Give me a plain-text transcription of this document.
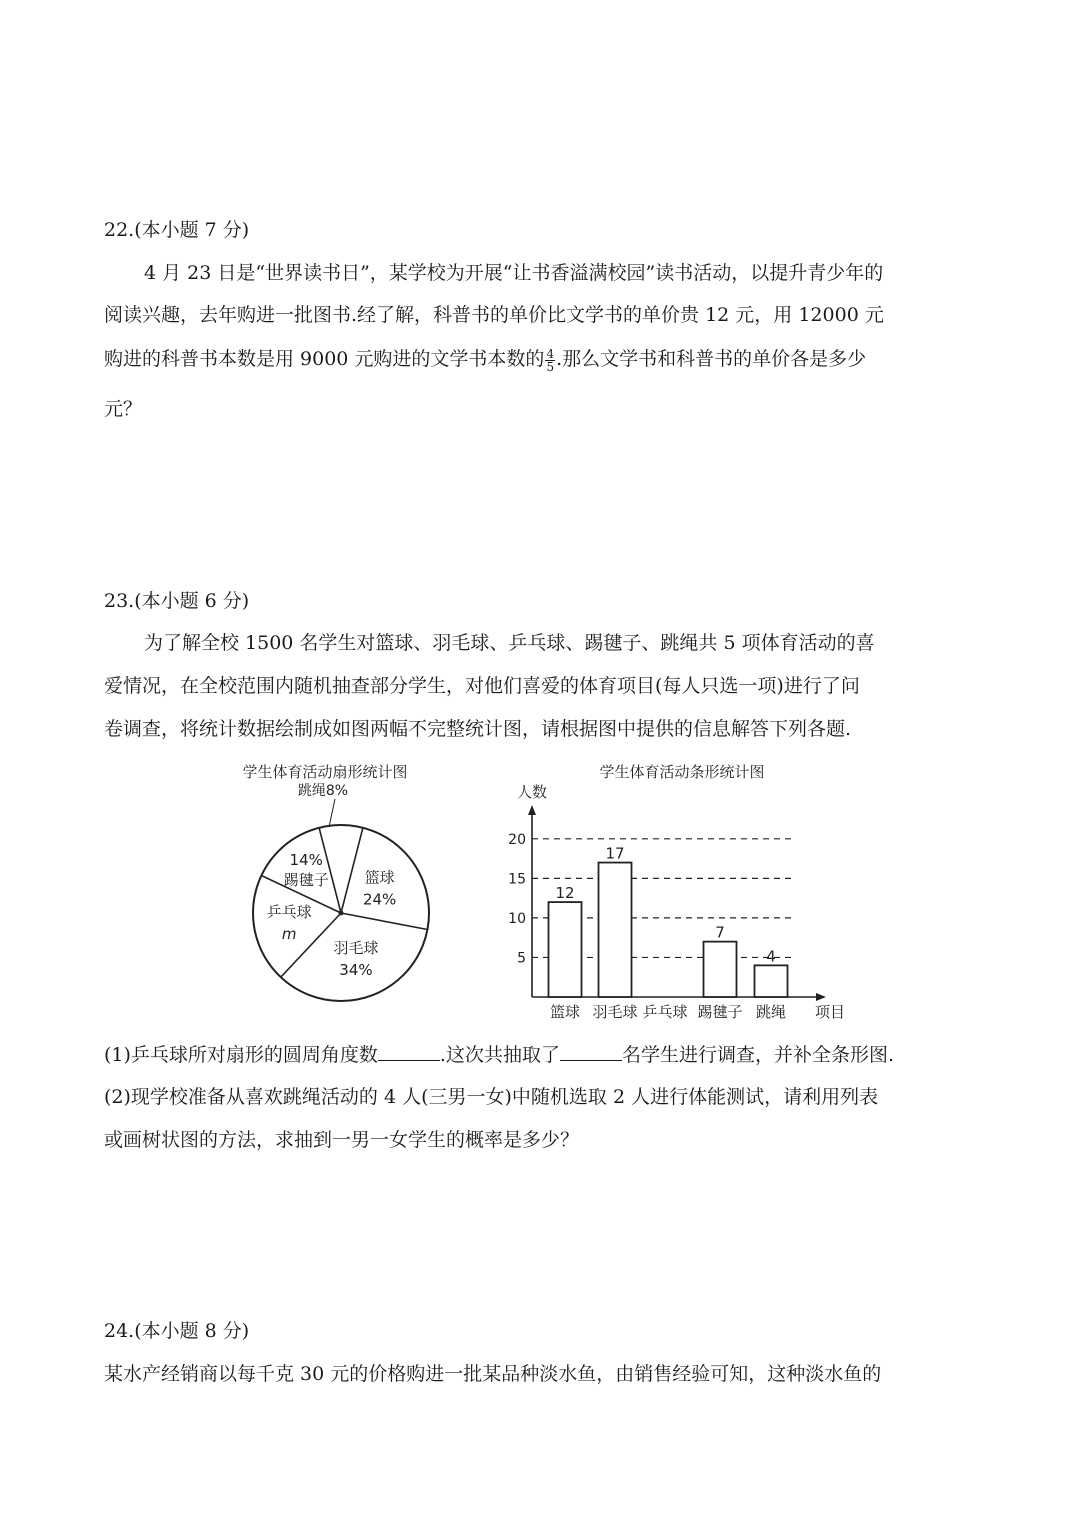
22.(本小题 7 分)
4 月 23 日是“世界读书日”，某学校为开展“让书香溢满校园”读书活动，以提升青少年的
阅读兴趣，去年购进一批图书.经了解，科普书的单价比文学书的单价贵 12 元，用 12000 元
购进的科普书本数是用 9000 元购进的文学书本数的 $\frac{4}{5}$ .那么文学书和科普书的单价各是多少
元？
23.(本小题 6 分)
为了解全校 1500 名学生对篮球、羽毛球、乒乓球、踢毽子、跳绳共 5 项体育活动的喜
爱情况，在全校范围内随机抽查部分学生，对他们喜爱的体育项目(每人只选一项)进行了问
卷调查，将统计数据绘制成如图两幅不完整统计图，请根据图中提供的信息解答下列各题.
学生体育活动扇形统计图
篮球
24%
羽毛球
34%
乒乓球
m
14%
踢毽子
跳绳8%
学生体育活动条形统计图
人数
项目
5
10
15
20
篮球
12
羽毛球
17
乒乓球 踢毽子
7
跳绳
4
(1)乒乓球所对扇形的圆周角度数	.这次共抽取了	名学生进行调查，并补全条形图.
(2)现学校准备从喜欢跳绳活动的 4 人(三男一女)中随机选取 2 人进行体能测试，请利用列表
或画树状图的方法，求抽到一男一女学生的概率是多少？
24.(本小题 8 分)
某水产经销商以每千克 30 元的价格购进一批某品种淡水鱼，由销售经验可知，这种淡水鱼的
